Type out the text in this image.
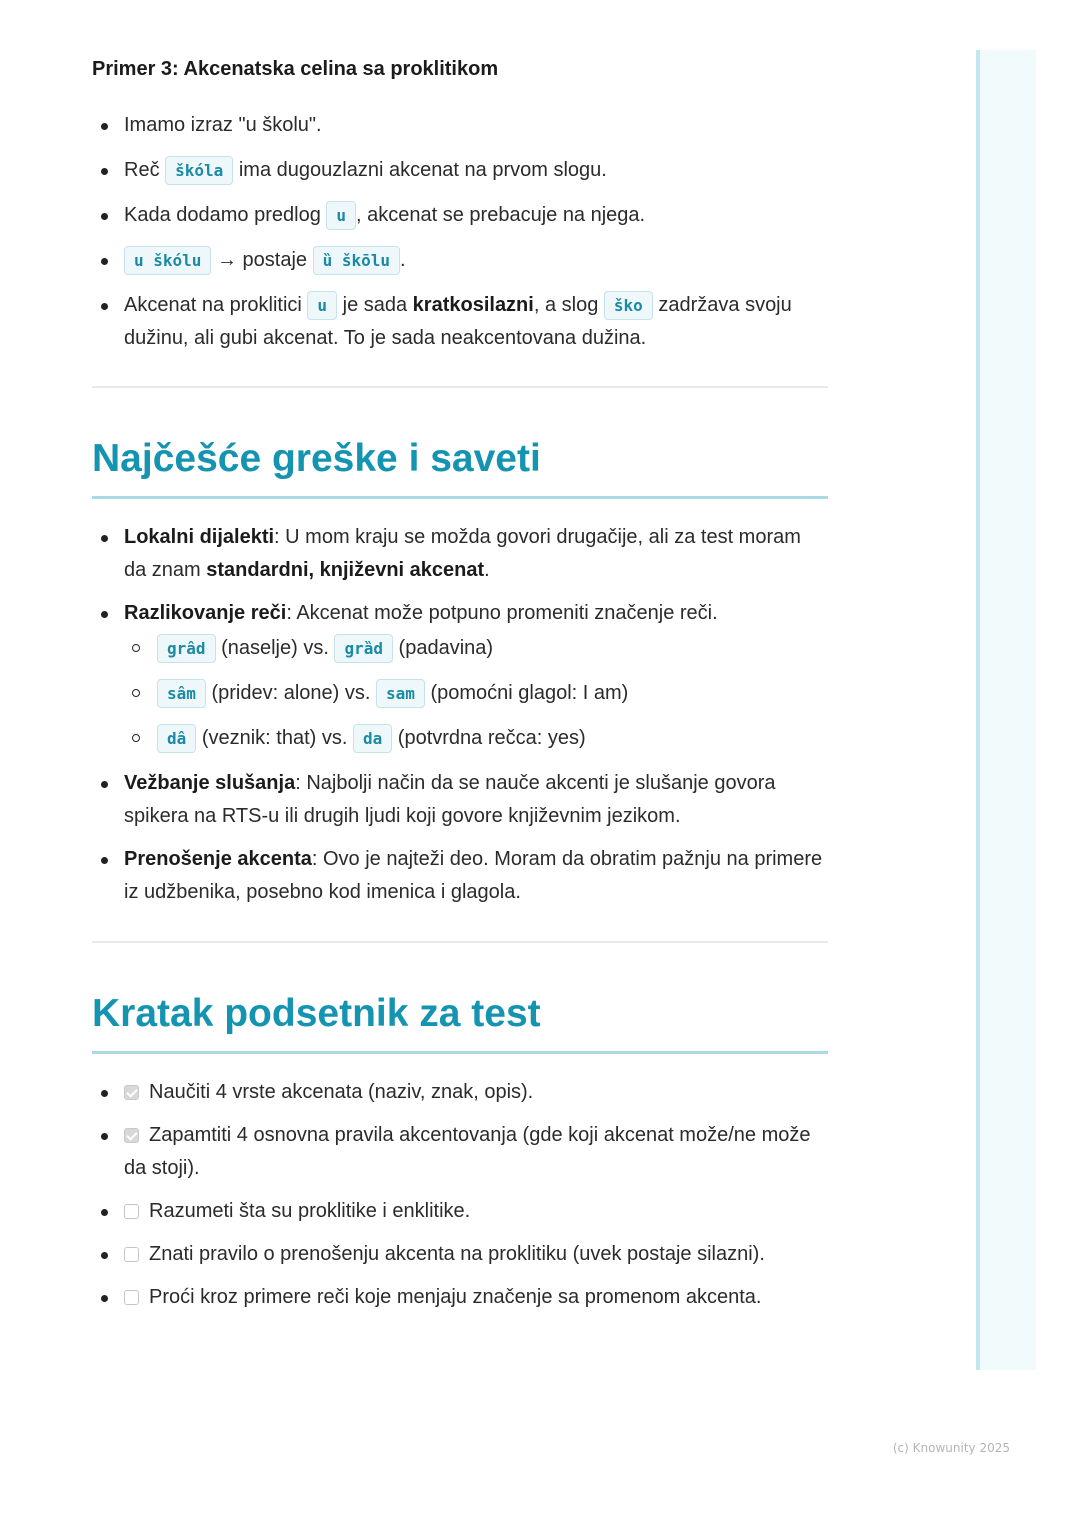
Primer 3: Akcenatska celina sa proklitikom
Imamo izraz "u školu".
Reč škóla ima dugouzlazni akcenat na prvom slogu.
Kada dodamo predlog u , akcenat se prebacuje na njega.
u škólu → postaje ȕ škōlu .
Akcenat na proklitici u je sada kratkosilazni, a slog ško zadržava svoju dužinu, ali gubi akcenat. To je sada neakcentovana dužina.
Najčešće greške i saveti
Lokalni dijalekti: U mom kraju se možda govori drugačije, ali za test moram da znam standardni, književni akcenat.
Razlikovanje reči: Akcenat može potpuno promeniti značenje reči.
grâd (naselje) vs. grȁd (padavina)
sâm (pridev: alone) vs. sam (pomoćni glagol: I am)
dâ (veznik: that) vs. da (potvrdna rečca: yes)
Vežbanje slušanja: Najbolji način da se nauče akcenti je slušanje govora spikera na RTS-u ili drugih ljudi koji govore književnim jezikom.
Prenošenje akcenta: Ovo je najteži deo. Moram da obratim pažnju na primere iz udžbenika, posebno kod imenica i glagola.
Kratak podsetnik za test
Naučiti 4 vrste akcenata (naziv, znak, opis).
Zapamtiti 4 osnovna pravila akcentovanja (gde koji akcenat može/ne može da stoji).
Razumeti šta su proklitike i enklitike.
Znati pravilo o prenošenju akcenta na proklitiku (uvek postaje silazni).
Proći kroz primere reči koje menjaju značenje sa promenom akcenta.
(c) Knowunity 2025
